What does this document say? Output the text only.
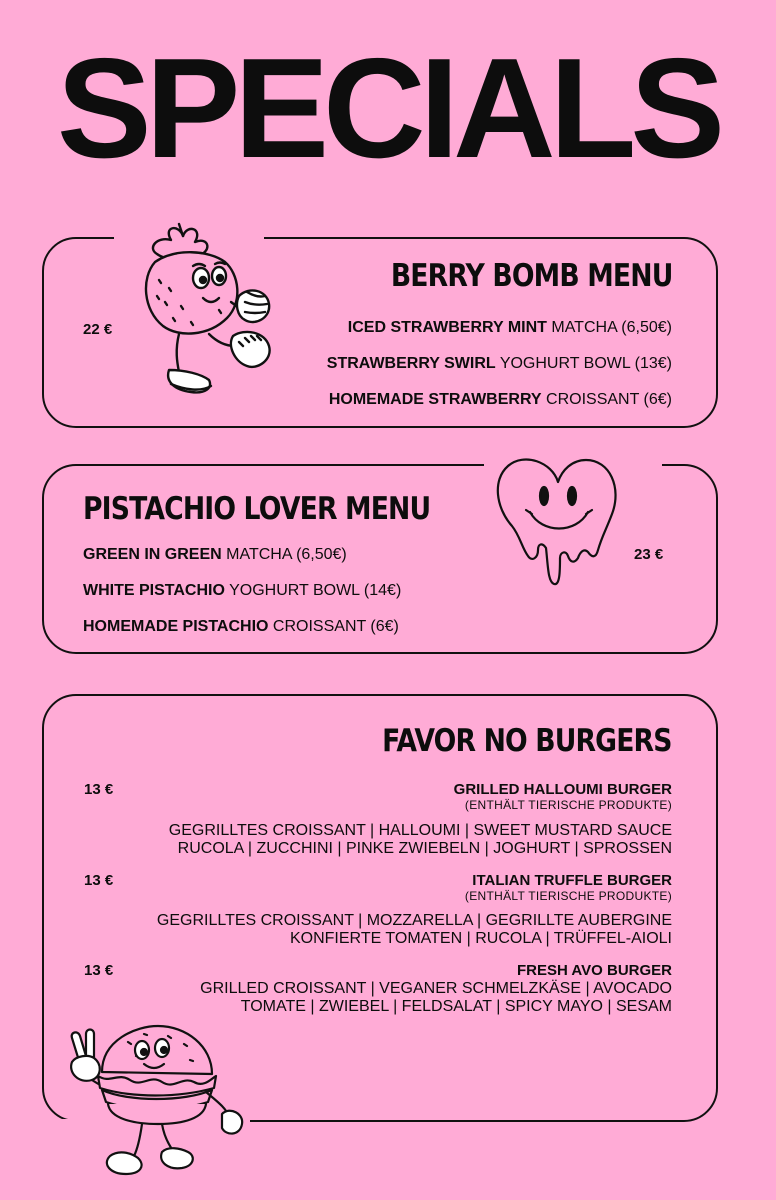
SPECIALS
BERRY BOMB MENU
22 €	ICED STRAWBERRY MINT MATCHA (6,50€)
STRAWBERRY SWIRL YOGHURT BOWL (13€)
HOMEMADE STRAWBERRY CROISSANT (6€)
PISTACHIO LOVER MENU
23 €
GREEN IN GREEN MATCHA (6,50€)
WHITE PISTACHIO YOGHURT BOWL (14€)
HOMEMADE PISTACHIO CROISSANT (6€)
FAVOR NO BURGERS
13 €	GRILLED HALLOUMI BURGER
(ENTHÄLT TIERISCHE PRODUKTE)
GEGRILLTES CROISSANT | HALLOUMI | SWEET MUSTARD SAUCE
RUCOLA | ZUCCHINI | PINKE ZWIEBELN | JOGHURT | SPROSSEN
13 €	ITALIAN TRUFFLE BURGER
(ENTHÄLT TIERISCHE PRODUKTE)
GEGRILLTES CROISSANT | MOZZARELLA | GEGRILLTE AUBERGINE
KONFIERTE TOMATEN | RUCOLA | TRÜFFEL-AIOLI
13 €	FRESH AVO BURGER
GRILLED CROISSANT | VEGANER SCHMELZKÄSE | AVOCADO
TOMATE | ZWIEBEL | FELDSALAT | SPICY MAYO | SESAM
